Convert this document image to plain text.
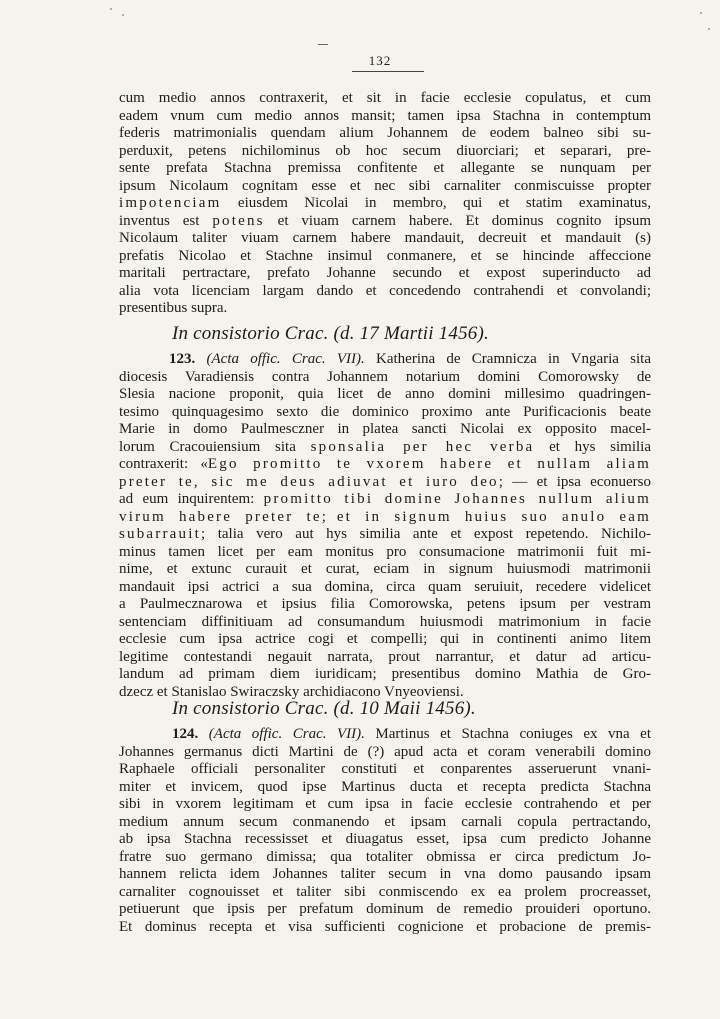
132
cum medio annos contraxerit, et sit in facie ecclesie copulatus, et cum
eadem vnum cum medio annos mansit; tamen ipsa Stachna in contemptum
federis matrimonialis quendam alium Johannem de eodem balneo sibi su-
perduxit, petens nichilominus ob hoc secum diuorciari; et separari, pre-
sente prefata Stachna premissa confitente et allegante se nunquam per
ipsum Nicolaum cognitam esse et nec sibi carnaliter conmiscuisse propter
impotenciam eiusdem Nicolai in membro, qui et statim examinatus,
inventus est potens et viuam carnem habere. Et dominus cognito ipsum
Nicolaum taliter viuam carnem habere mandauit, decreuit et mandauit (s)
prefatis Nicolao et Stachne insimul conmanere, et se hincinde affeccione
maritali pertractare, prefato Johanne secundo et expost superinducto ad
alia vota licenciam largam dando et concedendo contrahendi et convolandi;
presentibus supra.
In consistorio Crac. (d. 17 Martii 1456).
123. (Acta offic. Crac. VII). Katherina de Cramnicza in Vngaria sita
diocesis Varadiensis contra Johannem notarium domini Comorowsky de
Slesia nacione proponit, quia licet de anno domini millesimo quadringen-
tesimo quinquagesimo sexto die dominico proximo ante Purificacionis beate
Marie in domo Paulmesczner in platea sancti Nicolai ex opposito macel-
lorum Cracouiensium sita sponsalia per hec verba et hys similia
contraxerit: «Ego promitto te vxorem habere et nullam aliam
preter te, sic me deus adiuvat et iuro deo; — et ipsa econuerso
ad eum inquirentem: promitto tibi domine Johannes nullum alium
virum habere preter te; et in signum huius suo anulo eam
subarrauit; talia vero aut hys similia ante et expost repetendo. Nichilo-
minus tamen licet per eam monitus pro consumacione matrimonii fuit mi-
nime, et extunc curauit et curat, eciam in signum huiusmodi matrimonii
mandauit ipsi actrici a sua domina, circa quam seruiuit, recedere videlicet
a Paulmecznarowa et ipsius filia Comorowska, petens ipsum per vestram
sentenciam diffinitiuam ad consumandum huiusmodi matrimonium in facie
ecclesie cum ipsa actrice cogi et compelli; qui in continenti animo litem
legitime contestandi negauit narrata, prout narrantur, et datur ad articu-
landum ad primam diem iuridicam; presentibus domino Mathia de Gro-
dzecz et Stanislao Swiraczsky archidiacono Vnyeoviensi.
In consistorio Crac. (d. 10 Maii 1456).
124. (Acta offic. Crac. VII). Martinus et Stachna coniuges ex vna et
Johannes germanus dicti Martini de (?) apud acta et coram venerabili domino
Raphaele officiali personaliter constituti et conparentes asseruerunt vnani-
miter et invicem, quod ipse Martinus ducta et recepta predicta Stachna
sibi in vxorem legitimam et cum ipsa in facie ecclesie contrahendo et per
medium annum secum conmanendo et ipsam carnali copula pertractando,
ab ipsa Stachna recessisset et diuagatus esset, ipsa cum predicto Johanne
fratre suo germano dimissa; qua totaliter obmissa er circa predictum Jo-
hannem relicta idem Johannes taliter secum in vna domo pausando ipsam
carnaliter cognouisset et taliter sibi conmiscendo ex ea prolem procreasset,
petiuerunt que ipsis per prefatum dominum de remedio prouideri oportuno.
Et dominus recepta et visa sufficienti cognicione et probacione de premis-
